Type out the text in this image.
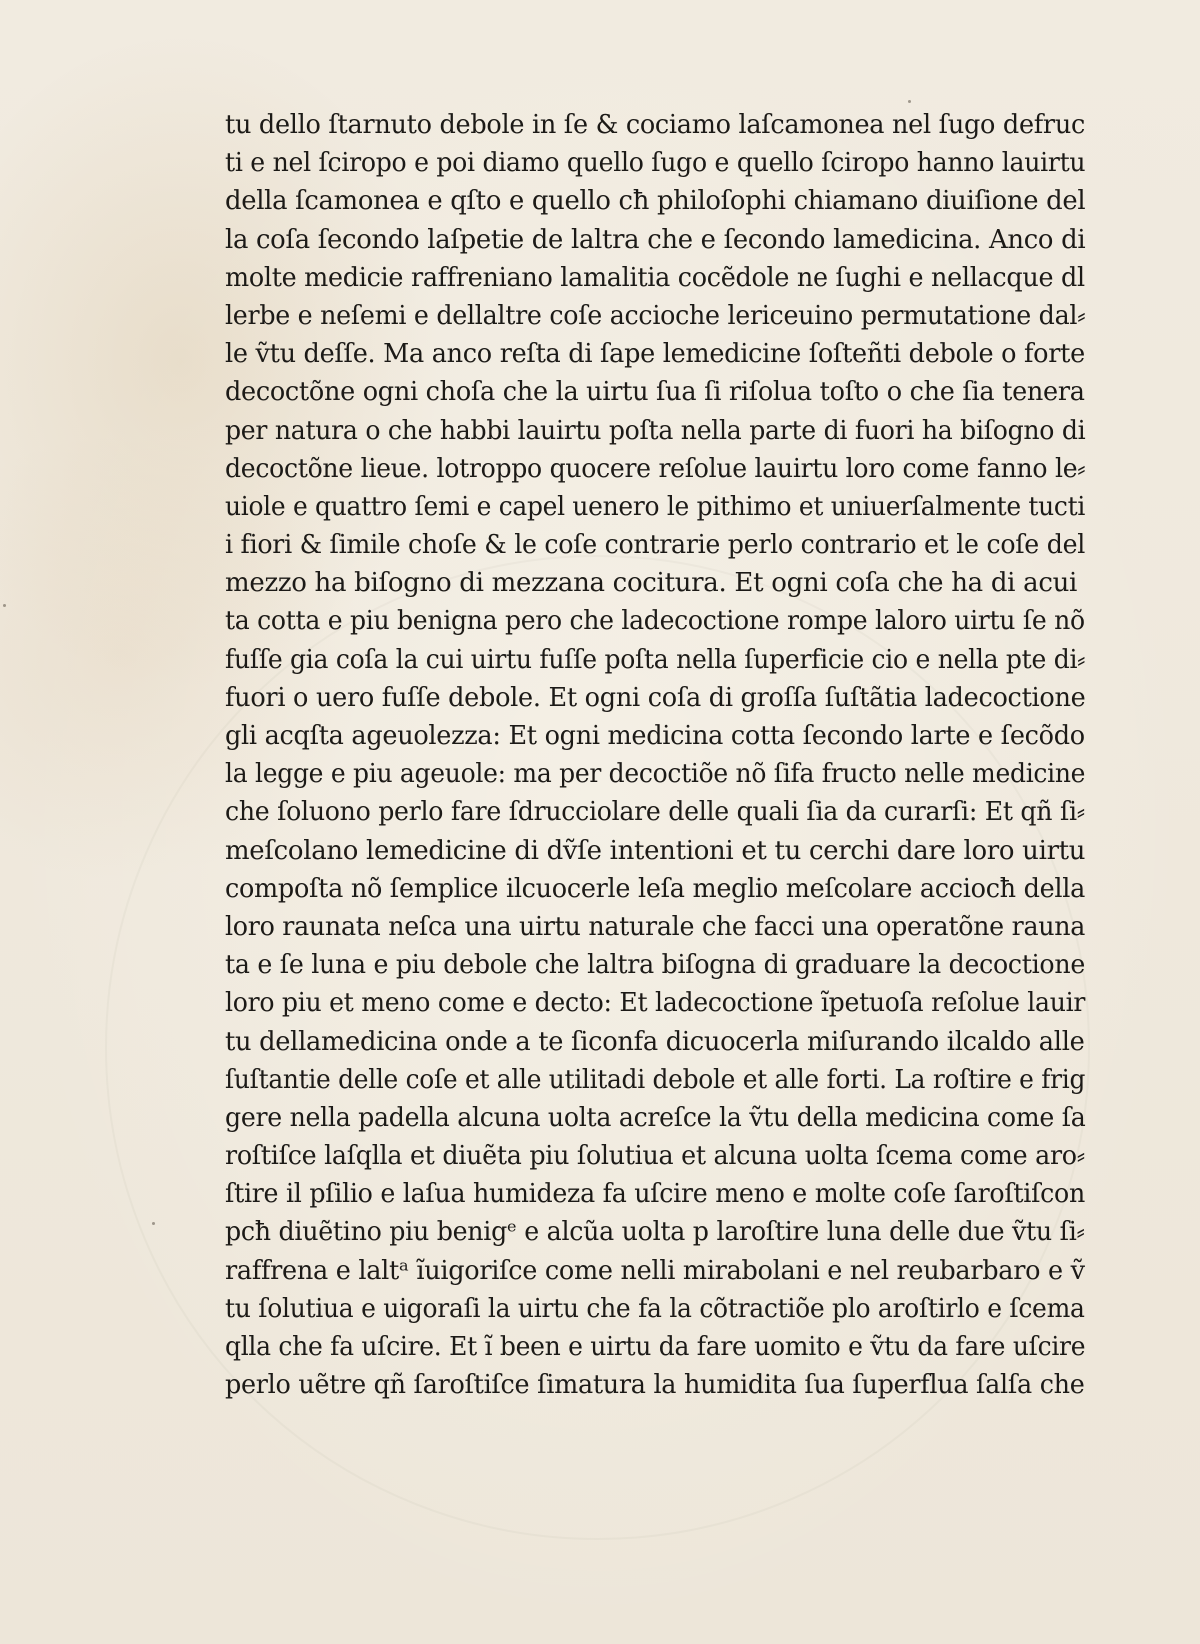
tu dello ſtarnuto debole in ſe & cociamo laſcamonea nel ſugo defruc
ti e nel ſciropo e poi diamo quello ſugo e quello ſciropo hanno lauirtu
della ſcamonea e qſto e quello cħ philoſophi chiamano diuiſione del
la coſa ſecondo laſpetie de laltra che e ſecondo lamedicina. Anco di
molte medicie raffreniano lamalitia cocẽdole ne ſughi e nellacque dl
lerbe e neſemi e dellaltre coſe accioche lericeuino permutatione dal⸗
le ṽtu deſſe. Ma anco reſta di ſape lemedicine ſoſteñti debole o forte
decoctõne ogni choſa che la uirtu ſua ſi riſolua toſto o che ſia tenera
per natura o che habbi lauirtu poſta nella parte di fuori ha biſogno di
decoctõne lieue. lotroppo quocere reſolue lauirtu loro come fanno le⸗
uiole e quattro ſemi e capel uenero le pithimo et uniuerſalmente tucti
i fiori & ſimile choſe & le coſe contrarie perlo contrario et le coſe del
mezzo ha biſogno di mezzana cocitura. Et ogni coſa che ha di acui
ta cotta e piu benigna pero che ladecoctione rompe laloro uirtu ſe nõ
fuſſe gia coſa la cui uirtu fuſſe poſta nella ſuperficie cio e nella pte di⸗
fuori o uero fuſſe debole. Et ogni coſa di groſſa ſuſtãtia ladecoctione
gli acqſta ageuolezza: Et ogni medicina cotta ſecondo larte e ſecõdo
la legge e piu ageuole: ma per decoctiõe nõ ſifa fructo nelle medicine
che ſoluono perlo fare ſdrucciolare delle quali ſia da curarſi: Et qñ ſi⸗
meſcolano lemedicine di dṽſe intentioni et tu cerchi dare loro uirtu
compoſta nõ ſemplice ilcuocerle leſa meglio meſcolare acciocħ della
loro raunata neſca una uirtu naturale che facci una operatõne rauna
ta e ſe luna e piu debole che laltra biſogna di graduare la decoctione
loro piu et meno come e decto: Et ladecoctione ĩpetuoſa reſolue lauir
tu dellamedicina onde a te ſiconfa dicuocerla miſurando ilcaldo alle
ſuſtantie delle coſe et alle utilitadi debole et alle forti. La roſtire e frig
gere nella padella alcuna uolta acreſce la ṽtu della medicina come ſa
roſtiſce laſqlla et diuẽta piu ſolutiua et alcuna uolta ſcema come aro⸗
ſtire il pſilio e laſua humideza fa uſcire meno e molte coſe ſaroſtiſcon
pcħ diuẽtino piu benigᵉ e alcũa uolta p laroſtire luna delle due ṽtu ſi⸗
raffrena e laltᵃ ĩuigoriſce come nelli mirabolani e nel reubarbaro e ṽ
tu ſolutiua e uigoraſi la uirtu che fa la cõtractiõe plo aroſtirlo e ſcema
qlla che fa uſcire. Et ĩ been e uirtu da fare uomito e ṽtu da fare uſcire
perlo uẽtre qñ ſaroſtiſce ſimatura la humidita ſua ſuperflua ſalſa che
